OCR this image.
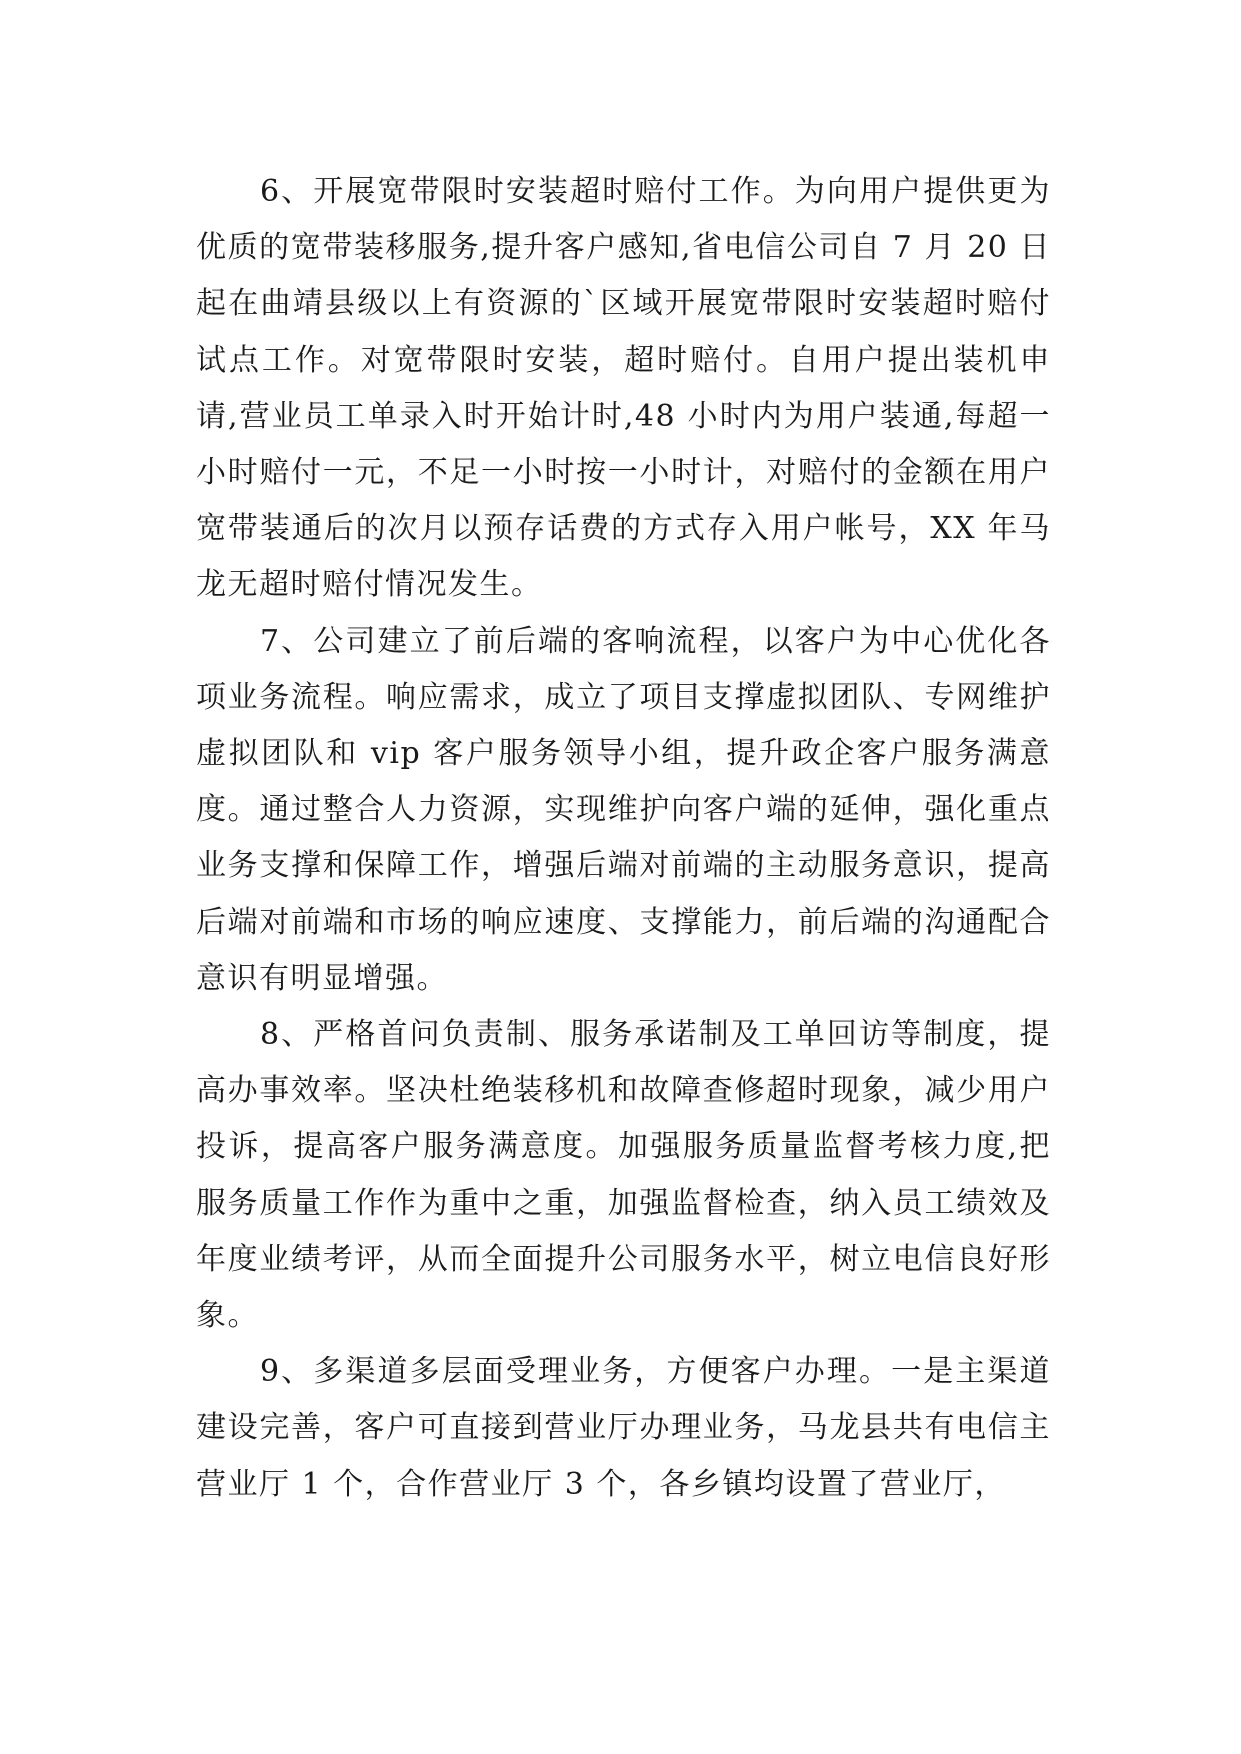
6、开展宽带限时安装超时赔付工作。为向用户提供更为优质的宽带装移服务,提升客户感知,省电信公司自 7 月 20 日起在曲靖县级以上有资源的`区域开展宽带限时安装超时赔付试点工作。对宽带限时安装，超时赔付。自用户提出装机申请,营业员工单录入时开始计时,48 小时内为用户装通,每超一小时赔付一元，不足一小时按一小时计，对赔付的金额在用户宽带装通后的次月以预存话费的方式存入用户帐号，XX 年马龙无超时赔付情况发生。

7、公司建立了前后端的客响流程，以客户为中心优化各项业务流程。响应需求，成立了项目支撑虚拟团队、专网维护虚拟团队和 vip 客户服务领导小组，提升政企客户服务满意度。通过整合人力资源，实现维护向客户端的延伸，强化重点业务支撑和保障工作，增强后端对前端的主动服务意识，提高后端对前端和市场的响应速度、支撑能力，前后端的沟通配合意识有明显增强。

8、严格首问负责制、服务承诺制及工单回访等制度，提高办事效率。坚决杜绝装移机和故障查修超时现象，减少用户投诉，提高客户服务满意度。加强服务质量监督考核力度,把服务质量工作作为重中之重，加强监督检查，纳入员工绩效及年度业绩考评，从而全面提升公司服务水平，树立电信良好形象。

9、多渠道多层面受理业务，方便客户办理。一是主渠道建设完善，客户可直接到营业厅办理业务，马龙县共有电信主营业厅 1 个，合作营业厅 3 个，各乡镇均设置了营业厅，
